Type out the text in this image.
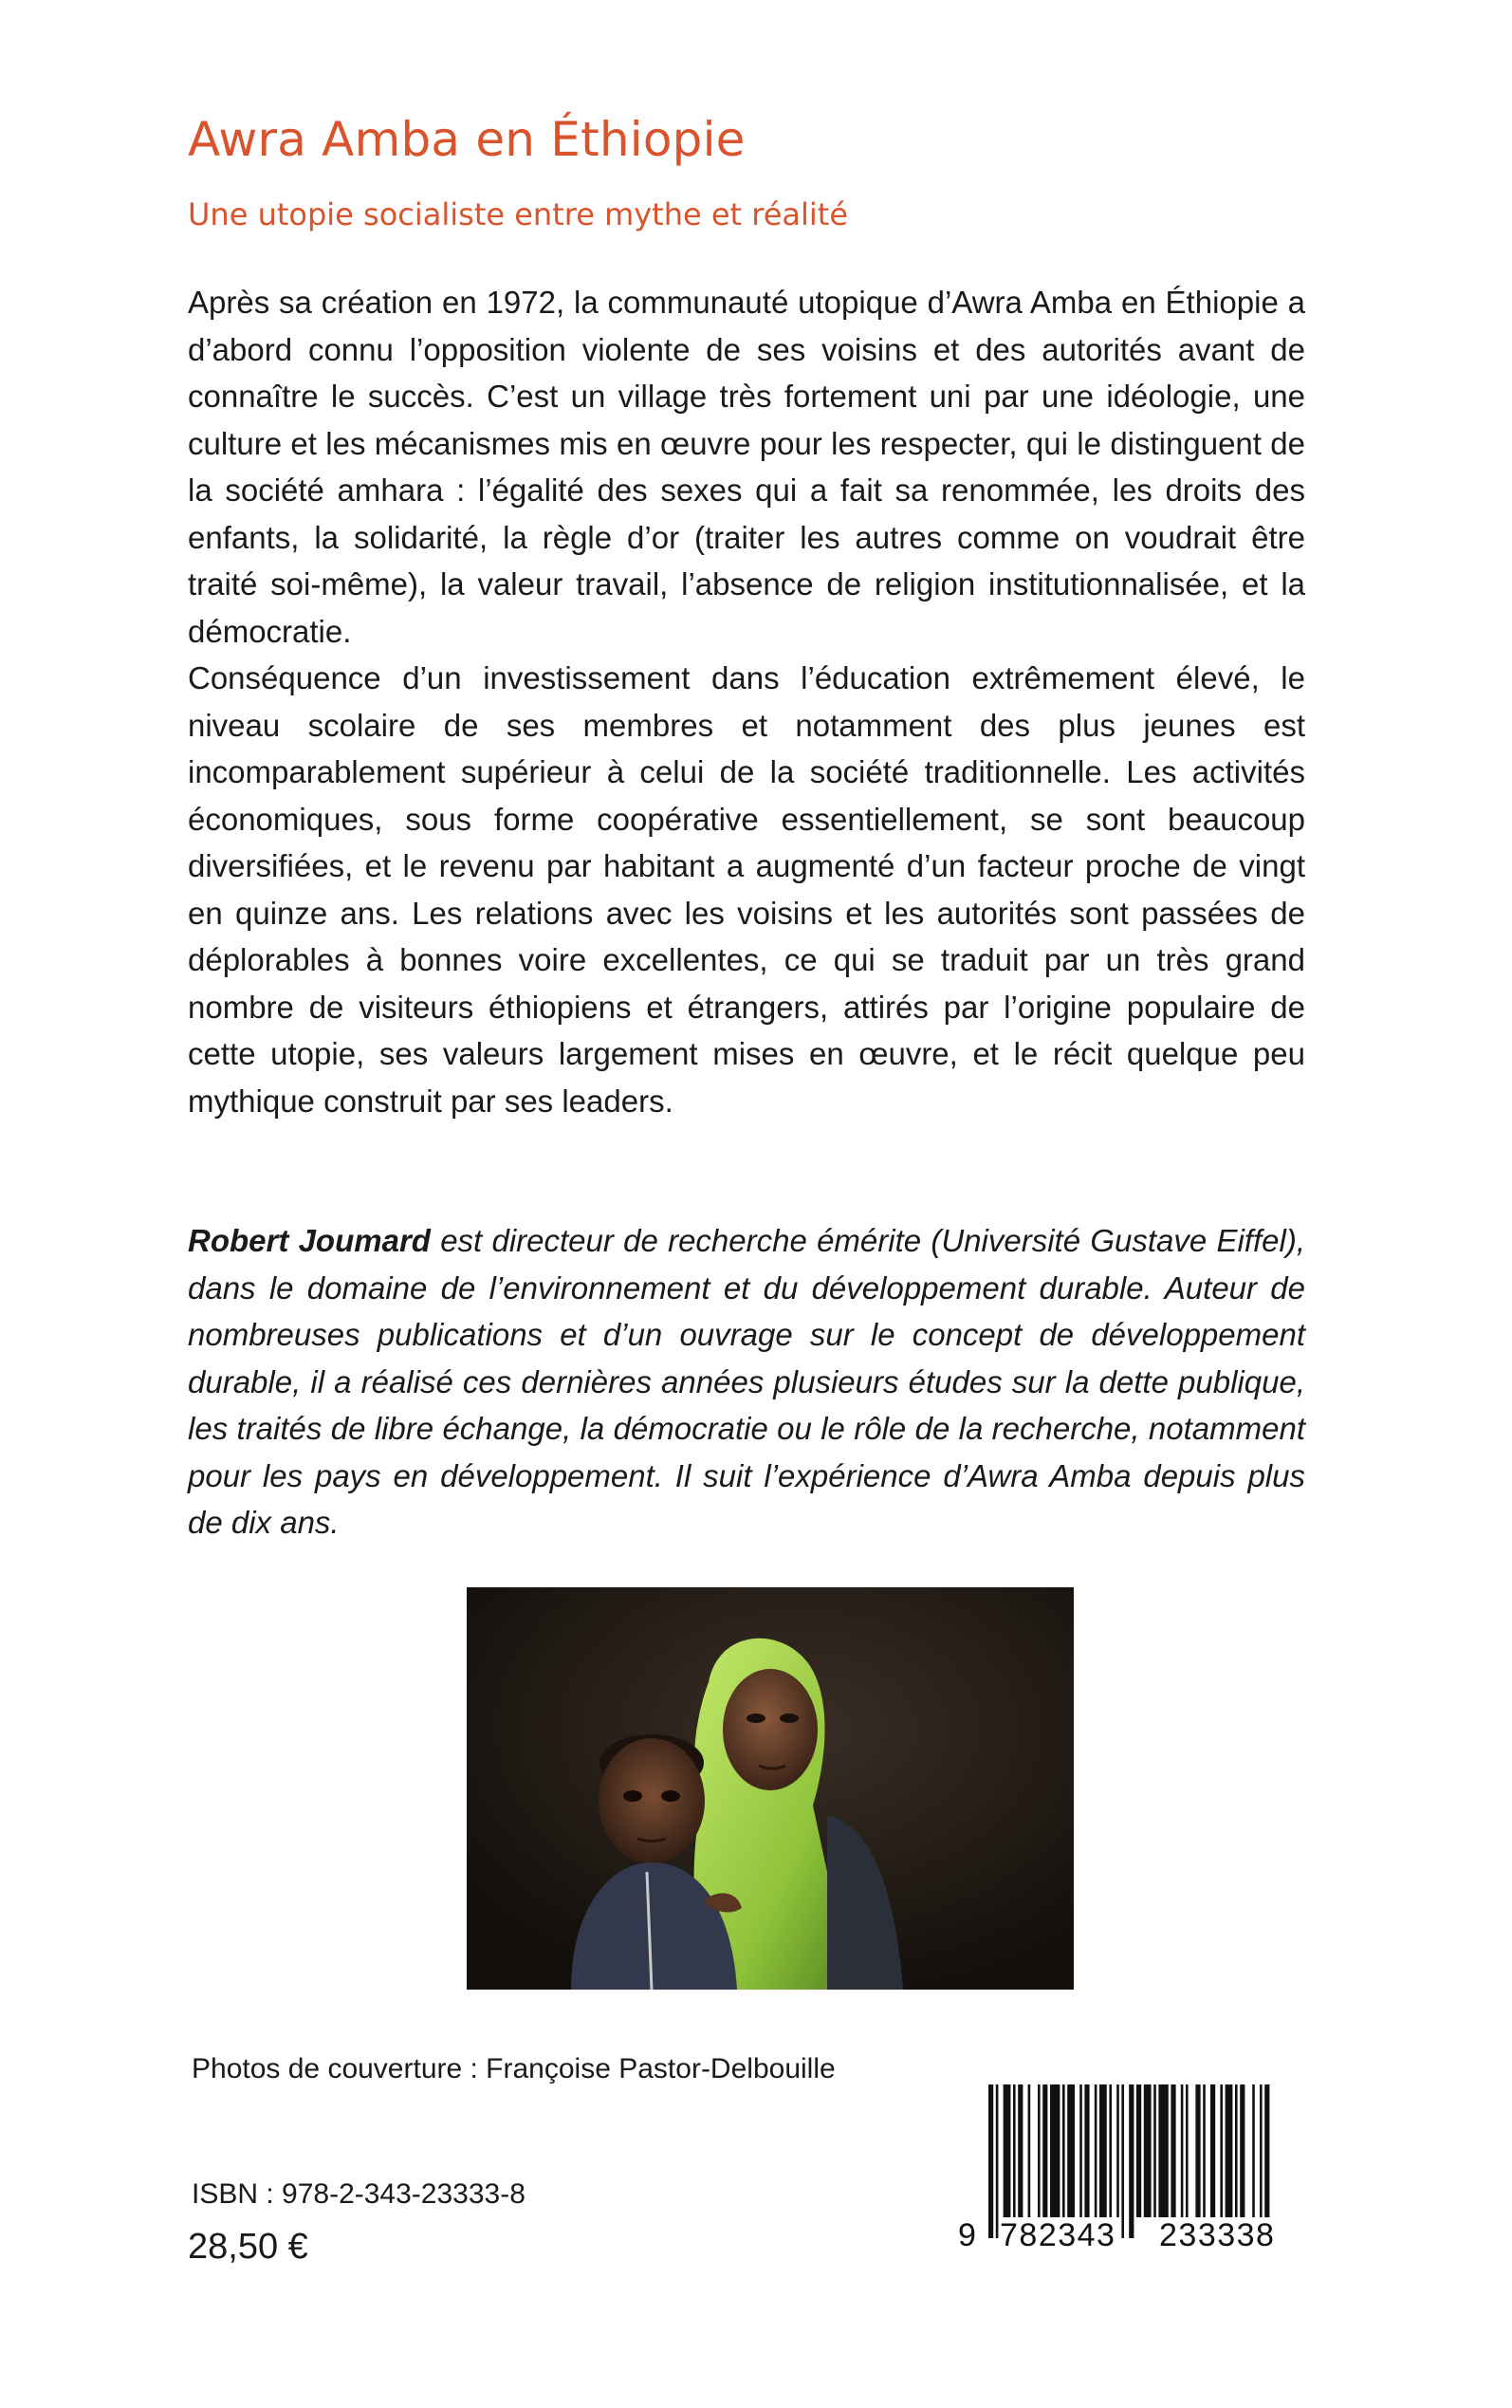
Awra Amba en Éthiopie
Une utopie socialiste entre mythe et réalité

Après sa création en 1972, la communauté utopique d’Awra Amba en Éthiopie a d’abord connu l’opposition violente de ses voisins et des autorités avant de connaître le succès. C’est un village très fortement uni par une idéologie, une culture et les mécanismes mis en œuvre pour les respecter, qui le distinguent de la société amhara : l’égalité des sexes qui a fait sa renommée, les droits des enfants, la solidarité, la règle d’or (traiter les autres comme on voudrait être traité soi-même), la valeur travail, l’absence de religion institutionnalisée, et la démocratie.

Conséquence d’un investissement dans l’éducation extrêmement élevé, le niveau scolaire de ses membres et notamment des plus jeunes est incomparablement supérieur à celui de la société traditionnelle. Les activités économiques, sous forme coopérative essentiellement, se sont beaucoup diversifiées, et le revenu par habitant a augmenté d’un facteur proche de vingt en quinze ans. Les relations avec les voisins et les autorités sont passées de déplorables à bonnes voire excellentes, ce qui se traduit par un très grand nombre de visiteurs éthiopiens et étrangers, attirés par l’origine populaire de cette utopie, ses valeurs largement mises en œuvre, et le récit quelque peu mythique construit par ses leaders.

Robert Joumard est directeur de recherche émérite (Université Gustave Eiffel), dans le domaine de l’environnement et du développement durable. Auteur de nombreuses publications et d’un ouvrage sur le concept de développement durable, il a réalisé ces dernières années plusieurs études sur la dette publique, les traités de libre échange, la démocratie ou le rôle de la recherche, notamment pour les pays en développement. Il suit l’expérience d’Awra Amba depuis plus de dix ans.

Photos de couverture : Françoise Pastor-Delbouille

9 782343 233338

ISBN : 978-2-343-23333-8

28,50 €
